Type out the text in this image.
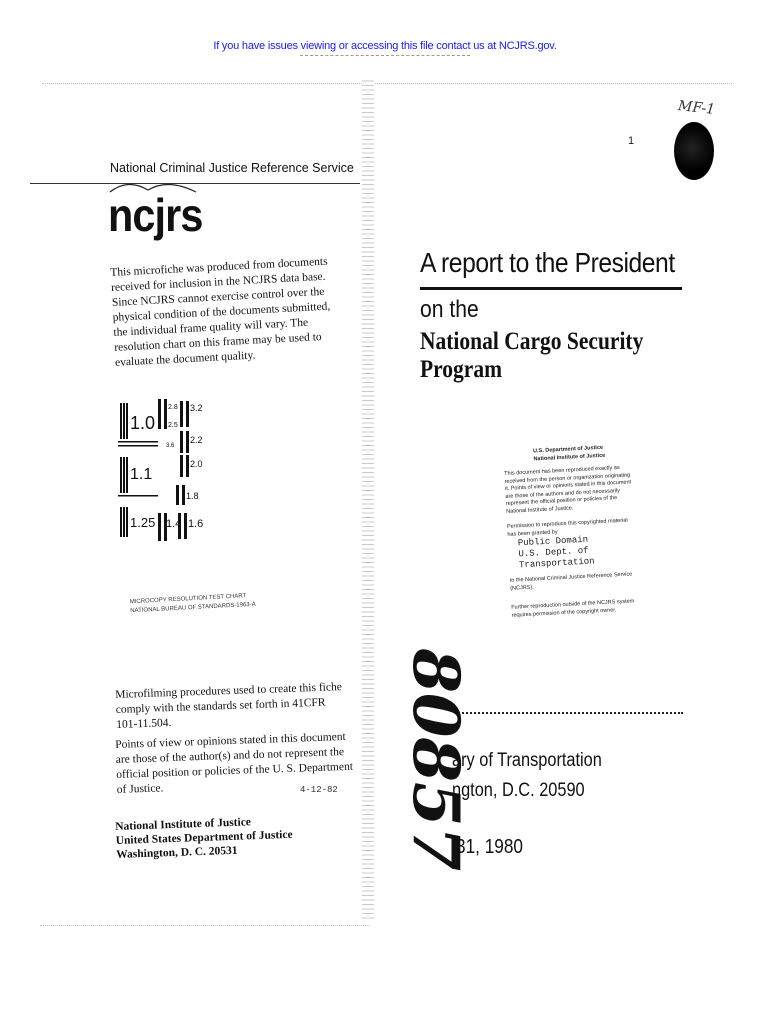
If you have issues viewing or accessing this file contact us at NCJRS.gov.
National Criminal Justice Reference Service
ncjrs
This microfiche was produced from documents received for inclusion in the NCJRS data base. Since NCJRS cannot exercise control over the physical condition of the documents submitted, the individual frame quality will vary. The resolution chart on this frame may be used to evaluate the document quality.
1.0
2.8
2.5
3.2
2.2
3.6
2.0
1.1
1.8
1.25 1.4 1.6
MICROCOPY RESOLUTION TEST CHART
NATIONAL BUREAU OF STANDARDS-1963-A
Microfilming procedures used to create this fiche comply with the standards set forth in 41CFR 101-11.504.
Points of view or opinions stated in this document are those of the author(s) and do not represent the official position or policies of the U. S. Department of Justice.	4-12-82
National Institute of Justice
United States Department of Justice
Washington, D. C. 20531
MF-1
1
A report to the President
on the
National Cargo Security Program
U.S. Department of Justice
National Institute of Justice
This document has been reproduced exactly as received from the person or organization originating it. Points of view or opinions stated in this document are those of the authors and do not necessarily represent the official position or policies of the National Institute of Justice.
Permission to reproduce this copyrighted material has been granted by
Public Domain
U.S. Dept. of Transportation
to the National Criminal Justice Reference Service (NCJRS).
Further reproduction outside of the NCJRS system requires permission of the copyright owner.
80857
ary of Transportation
ngton, D.C. 20590
31, 1980
